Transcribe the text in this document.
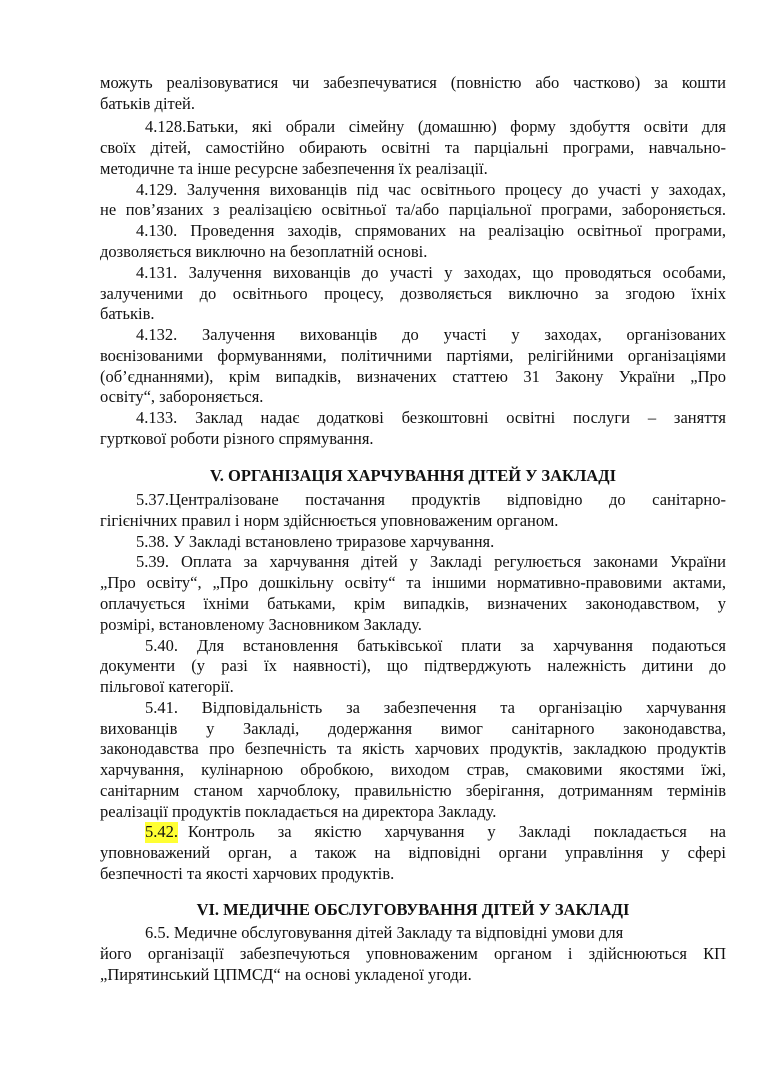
можуть реалізовуватися чи забезпечуватися (повністю або частково) за кошти
батьків дітей.
4.128.Батьки, які обрали сімейну (домашню) форму здобуття освіти для
своїх дітей, самостійно обирають освітні та парціальні програми, навчально-
методичне та інше ресурсне забезпечення їх реалізації.
4.129. Залучення вихованців під час освітнього процесу до участі у заходах,
не пов’язаних з реалізацією освітньої та/або парціальної програми, забороняється.
4.130. Проведення заходів, спрямованих на реалізацію освітньої програми,
дозволяється виключно на безоплатній основі.
4.131. Залучення вихованців до участі у заходах, що проводяться особами,
залученими до освітнього процесу, дозволяється виключно за згодою їхніх
батьків.
4.132. Залучення вихованців до участі у заходах, організованих
воєнізованими формуваннями, політичними партіями, релігійними організаціями
(об’єднаннями), крім випадків, визначених статтею 31 Закону України „Про
освіту“, забороняється.
4.133. Заклад надає додаткові безкоштовні освітні послуги – заняття
гурткової роботи різного спрямування.
V. ОРГАНІЗАЦІЯ ХАРЧУВАННЯ ДІТЕЙ У ЗАКЛАДІ
5.37.Централізоване постачання продуктів відповідно до санітарно-
гігієнічних правил і норм здійснюється уповноваженим органом.
5.38. У Закладі встановлено триразове харчування.
5.39. Оплата за харчування дітей у Закладі регулюється законами України
„Про освіту“, „Про дошкільну освіту“ та іншими нормативно-правовими актами,
оплачується їхніми батьками, крім випадків, визначених законодавством, у
розмірі, встановленому Засновником Закладу.
5.40. Для встановлення батьківської плати за харчування подаються
документи (у разі їх наявності), що підтверджують належність дитини до
пільгової категорії.
5.41. Відповідальність за забезпечення та організацію харчування
вихованців у Закладі, додержання вимог санітарного законодавства,
законодавства про безпечність та якість харчових продуктів, закладкою продуктів
харчування, кулінарною обробкою, виходом страв, смаковими якостями їжі,
санітарним станом харчоблоку, правильністю зберігання, дотриманням термінів
реалізації продуктів покладається на директора Закладу.
5.42. Контроль за якістю харчування у Закладі покладається на
уповноважений орган, а також на відповідні органи управління у сфері
безпечності та якості харчових продуктів.
VI. МЕДИЧНЕ ОБСЛУГОВУВАННЯ ДІТЕЙ У ЗАКЛАДІ
6.5. Медичне обслуговування дітей Закладу та відповідні умови для
його організації забезпечуються уповноваженим органом і здійснюються КП
„Пирятинський ЦПМСД“ на основі укладеної угоди.
